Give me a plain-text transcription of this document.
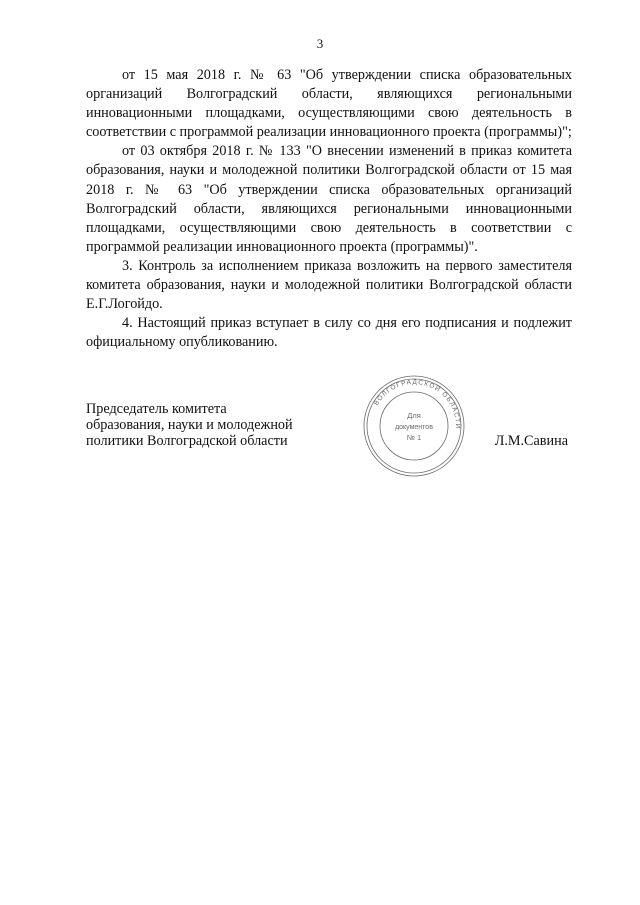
3

от 15 мая 2018 г. № 63 "Об утверждении списка образовательных организаций Волгоградский области, являющихся региональными инновационными площадками, осуществляющими свою деятельность в соответствии с программой реализации инновационного проекта (программы)";

от 03 октября 2018 г. № 133 "О внесении изменений в приказ комитета образования, науки и молодежной политики Волгоградской области от 15 мая 2018 г. № 63 "Об утверждении списка образовательных организаций Волгоградский области, являющихся региональными инновационными площадками, осуществляющими свою деятельность в соответствии с программой реализации инновационного проекта (программы)".

3. Контроль за исполнением приказа возложить на первого заместителя комитета образования, науки и молодежной политики Волгоградской области Е.Г.Логойдо.

4. Настоящий приказ вступает в силу со дня его подписания и подлежит официальному опубликованию.

Председатель комитета
образования, науки и молодежной
политики Волгоградской области	Л.М.Савина
ВОЛГОГРАДСКОЙ ОБЛАСТИ
Для
документов
№ 1
